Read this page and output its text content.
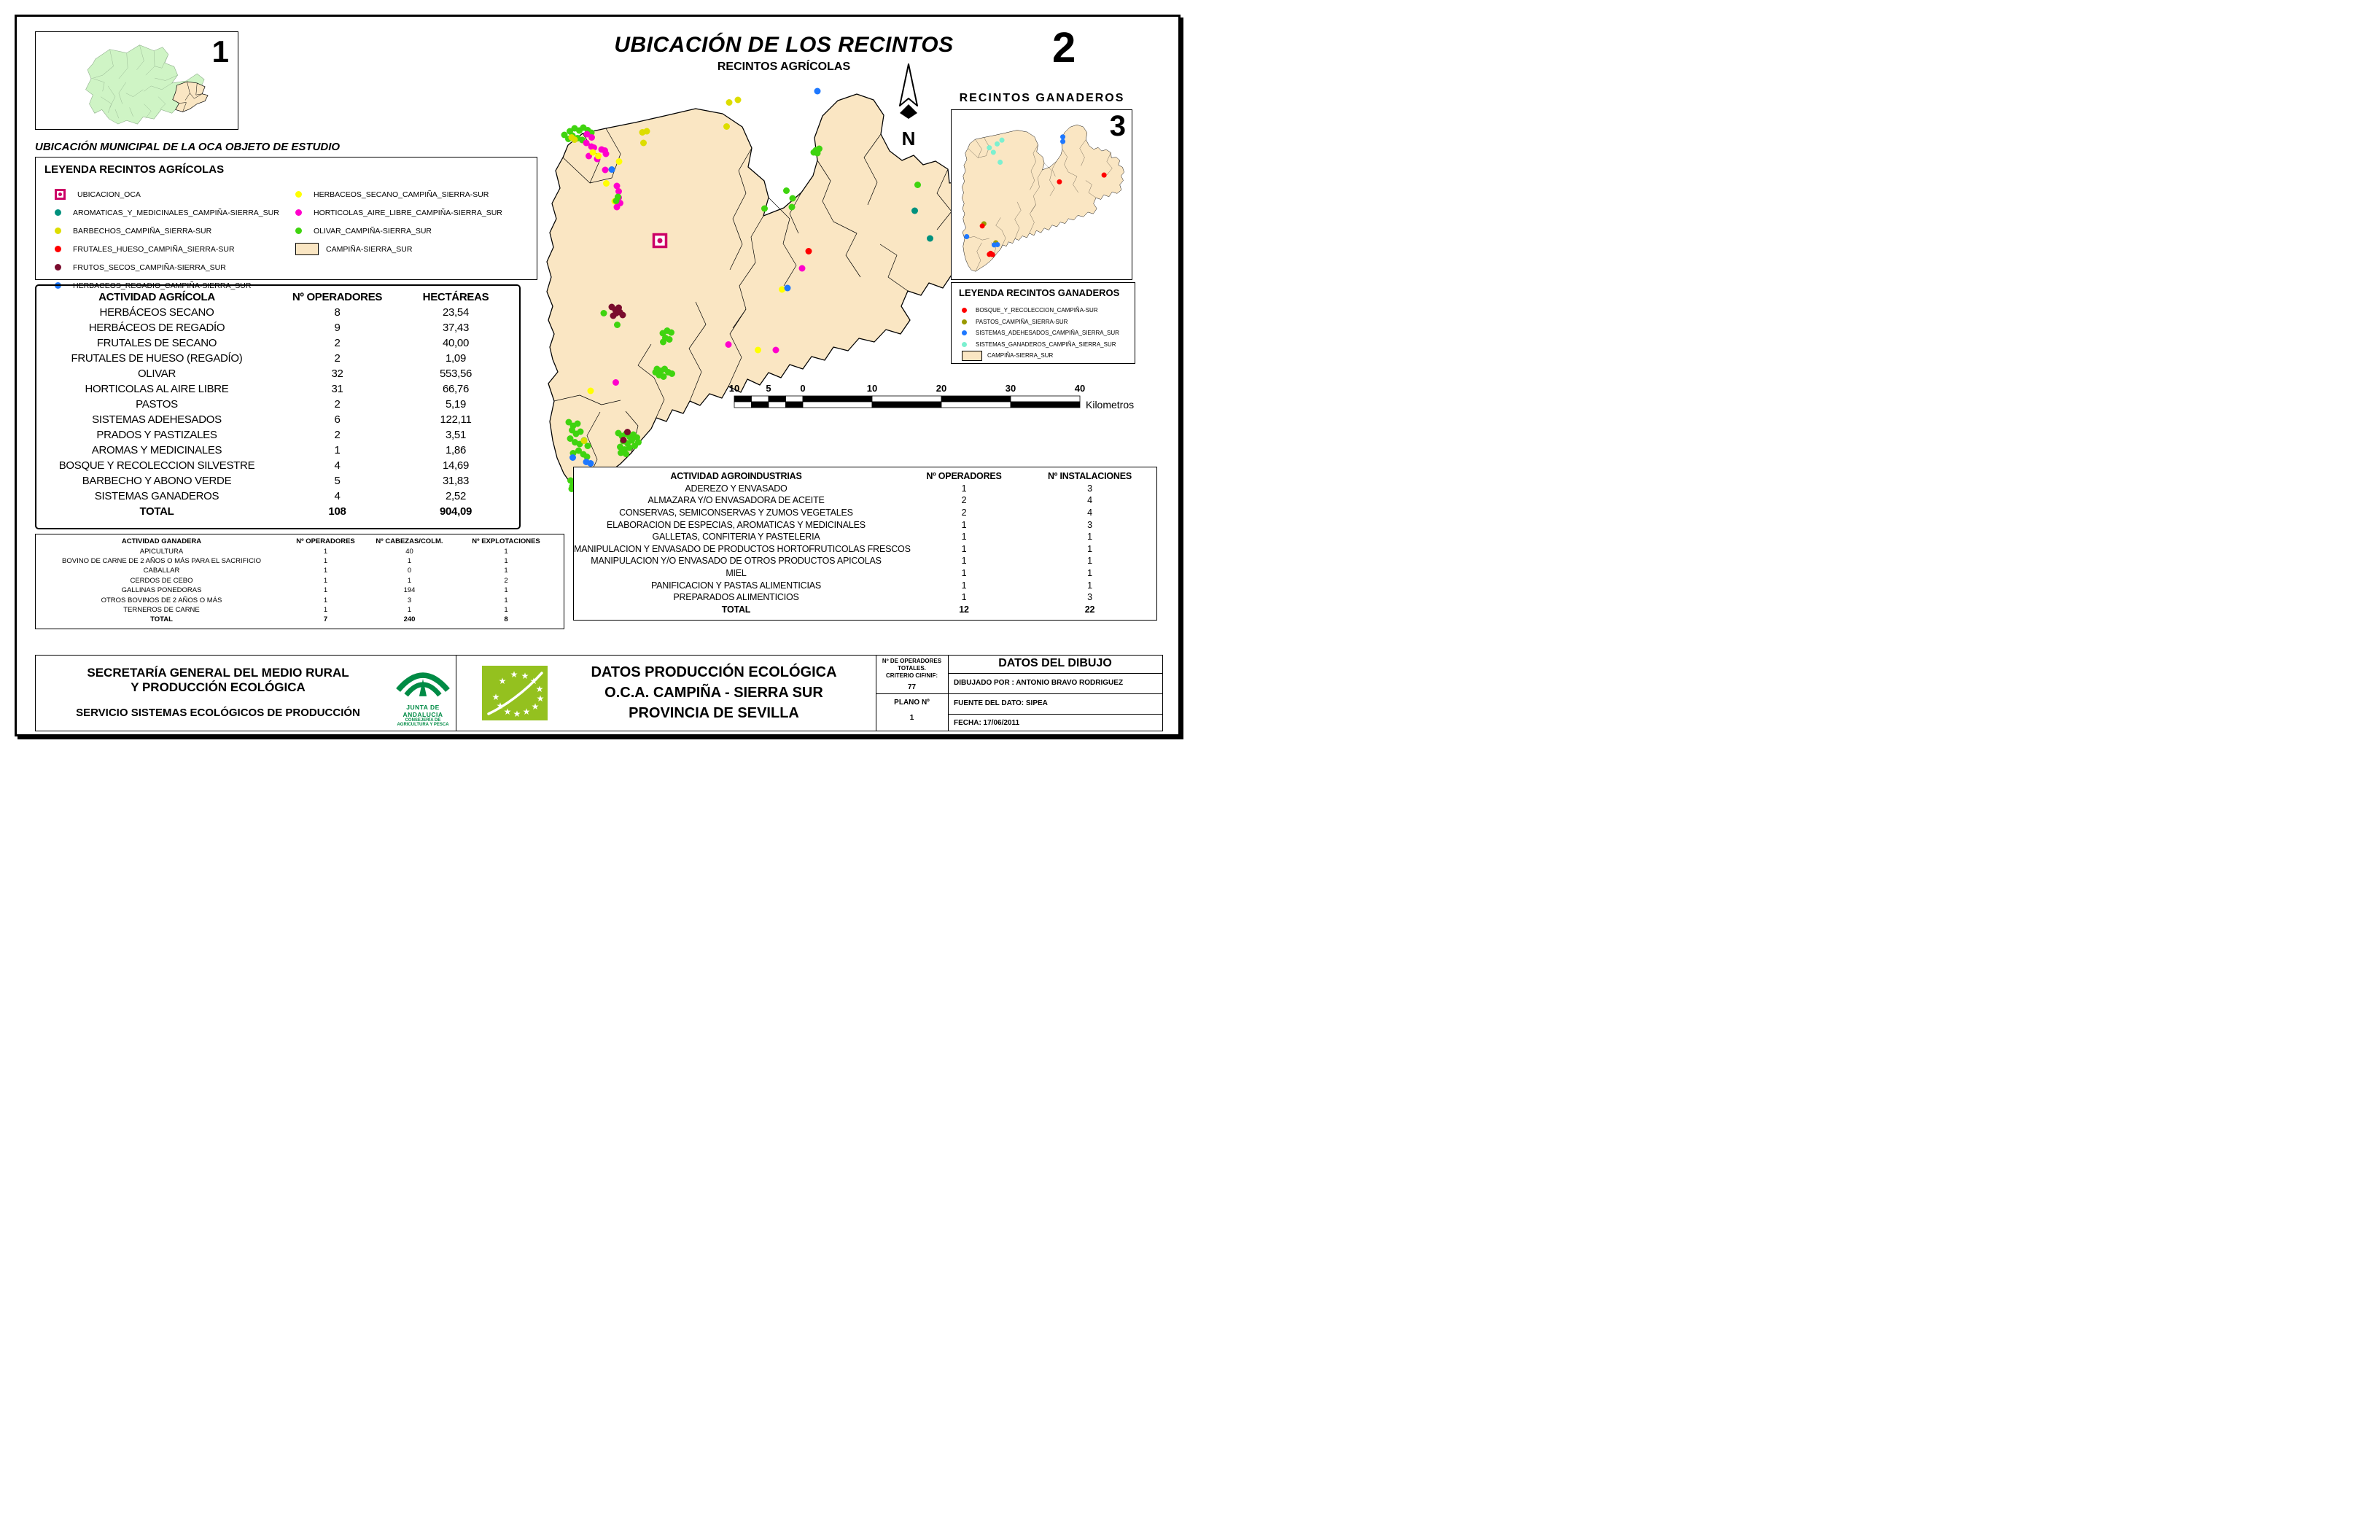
1
UBICACIÓN MUNICIPAL DE LA OCA OBJETO DE ESTUDIO
LEYENDA RECINTOS AGRÍCOLAS
UBICACION_OCA
AROMATICAS_Y_MEDICINALES_CAMPIÑA-SIERRA_SUR
BARBECHOS_CAMPIÑA_SIERRA-SUR
FRUTALES_HUESO_CAMPIÑA_SIERRA-SUR
FRUTOS_SECOS_CAMPIÑA-SIERRA_SUR
HERBACEOS_REGADIO_CAMPIÑA-SIERRA_SUR
HERBACEOS_SECANO_CAMPIÑA_SIERRA-SUR
HORTICOLAS_AIRE_LIBRE_CAMPIÑA-SIERRA_SUR
OLIVAR_CAMPIÑA-SIERRA_SUR
CAMPIÑA-SIERRA_SUR
ACTIVIDAD AGRÍCOLA	Nº OPERADORES	HECTÁREAS
HERBÁCEOS SECANO	8	23,54
HERBÁCEOS DE REGADÍO	9	37,43
FRUTALES DE SECANO	2	40,00
FRUTALES DE HUESO (REGADÍO)	2	1,09
OLIVAR	32	553,56
HORTICOLAS AL AIRE LIBRE	31	66,76
PASTOS	2	5,19
SISTEMAS ADEHESADOS	6	122,11
PRADOS Y PASTIZALES	2	3,51
AROMAS Y MEDICINALES	1	1,86
BOSQUE Y RECOLECCION SILVESTRE	4	14,69
BARBECHO Y ABONO VERDE	5	31,83
SISTEMAS GANADEROS	4	2,52
TOTAL	108	904,09
ACTIVIDAD GANADERA	Nº OPERADORES	Nº CABEZAS/COLM.	Nº EXPLOTACIONES
APICULTURA	1	40	1
BOVINO DE CARNE DE 2 AÑOS O MÁS PARA EL SACRIFICIO	1	1	1
CABALLAR	1	0	1
CERDOS DE CEBO	1	1	2
GALLINAS PONEDORAS	1	194	1
OTROS BOVINOS DE 2 AÑOS O MÁS	1	3	1
TERNEROS DE CARNE	1	1	1
TOTAL	7	240	8
UBICACIÓN DE LOS RECINTOS
RECINTOS AGRÍCOLAS	2
N
RECINTOS GANADEROS
3
LEYENDA RECINTOS GANADEROS
BOSQUE_Y_RECOLECCION_CAMPIÑA-SUR
PASTOS_CAMPIÑA_SIERRA-SUR
SISTEMAS_ADEHESADOS_CAMPIÑA_SIERRA_SUR
SISTEMAS_GANADEROS_CAMPIÑA_SIERRA_SUR
CAMPIÑA-SIERRA_SUR
10	5	0	10	20	30	40
Kilometros
ACTIVIDAD AGROINDUSTRIAS	Nº OPERADORES	Nº INSTALACIONES
ADEREZO Y ENVASADO	1	3
ALMAZARA Y/O ENVASADORA DE ACEITE	2	4
CONSERVAS, SEMICONSERVAS Y ZUMOS VEGETALES	2	4
ELABORACION DE ESPECIAS, AROMATICAS Y MEDICINALES	1	3
GALLETAS, CONFITERIA Y PASTELERIA	1	1
MANIPULACION Y ENVASADO DE PRODUCTOS HORTOFRUTICOLAS FRESCOS	1	1
MANIPULACION Y/O ENVASADO DE OTROS PRODUCTOS APICOLAS	1	1
MIEL	1	1
PANIFICACION Y PASTAS ALIMENTICIAS	1	1
PREPARADOS ALIMENTICIOS	1	3
TOTAL	12	22
SECRETARÍA GENERAL DEL MEDIO RURAL
Y PRODUCCIÓN ECOLÓGICA
SERVICIO SISTEMAS ECOLÓGICOS DE PRODUCCIÓN	JUNTA DE ANDALUCIA
CONSEJERÍA DE AGRICULTURA Y PESCA
★
★ ★ ★
★
★
★
★
★
★
★
★
DATOS PRODUCCIÓN ECOLÓGICA
O.C.A. CAMPIÑA - SIERRA SUR
PROVINCIA DE SEVILLA
Nº DE OPERADORES TOTALES.
CRITERIO CIF/NIF:
77
PLANO Nº
1
DATOS DEL DIBUJO
DIBUJADO POR : ANTONIO BRAVO RODRIGUEZ
FUENTE DEL DATO: SIPEA
FECHA: 17/06/2011
